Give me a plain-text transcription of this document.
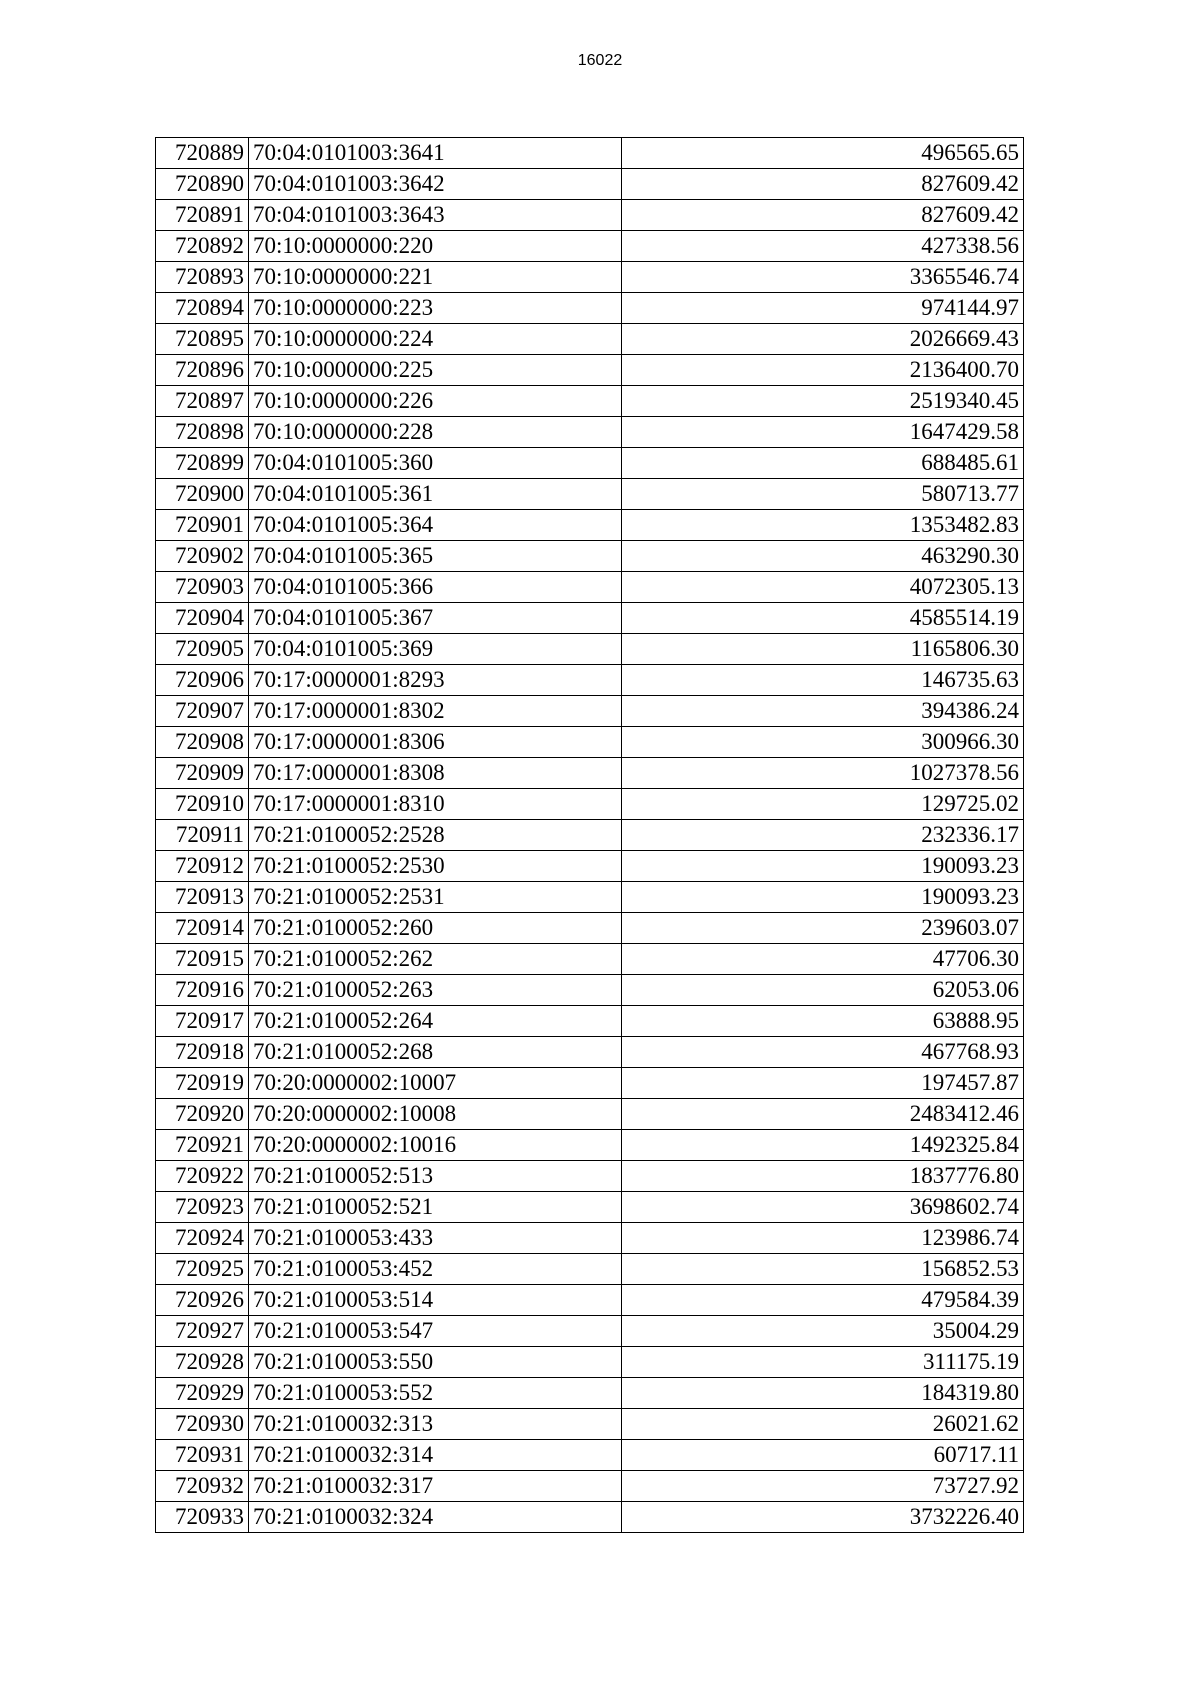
16022
720889	70:04:0101003:3641	496565.65
720890	70:04:0101003:3642	827609.42
720891	70:04:0101003:3643	827609.42
720892	70:10:0000000:220	427338.56
720893	70:10:0000000:221	3365546.74
720894	70:10:0000000:223	974144.97
720895	70:10:0000000:224	2026669.43
720896	70:10:0000000:225	2136400.70
720897	70:10:0000000:226	2519340.45
720898	70:10:0000000:228	1647429.58
720899	70:04:0101005:360	688485.61
720900	70:04:0101005:361	580713.77
720901	70:04:0101005:364	1353482.83
720902	70:04:0101005:365	463290.30
720903	70:04:0101005:366	4072305.13
720904	70:04:0101005:367	4585514.19
720905	70:04:0101005:369	1165806.30
720906	70:17:0000001:8293	146735.63
720907	70:17:0000001:8302	394386.24
720908	70:17:0000001:8306	300966.30
720909	70:17:0000001:8308	1027378.56
720910	70:17:0000001:8310	129725.02
720911	70:21:0100052:2528	232336.17
720912	70:21:0100052:2530	190093.23
720913	70:21:0100052:2531	190093.23
720914	70:21:0100052:260	239603.07
720915	70:21:0100052:262	47706.30
720916	70:21:0100052:263	62053.06
720917	70:21:0100052:264	63888.95
720918	70:21:0100052:268	467768.93
720919	70:20:0000002:10007	197457.87
720920	70:20:0000002:10008	2483412.46
720921	70:20:0000002:10016	1492325.84
720922	70:21:0100052:513	1837776.80
720923	70:21:0100052:521	3698602.74
720924	70:21:0100053:433	123986.74
720925	70:21:0100053:452	156852.53
720926	70:21:0100053:514	479584.39
720927	70:21:0100053:547	35004.29
720928	70:21:0100053:550	311175.19
720929	70:21:0100053:552	184319.80
720930	70:21:0100032:313	26021.62
720931	70:21:0100032:314	60717.11
720932	70:21:0100032:317	73727.92
720933	70:21:0100032:324	3732226.40
